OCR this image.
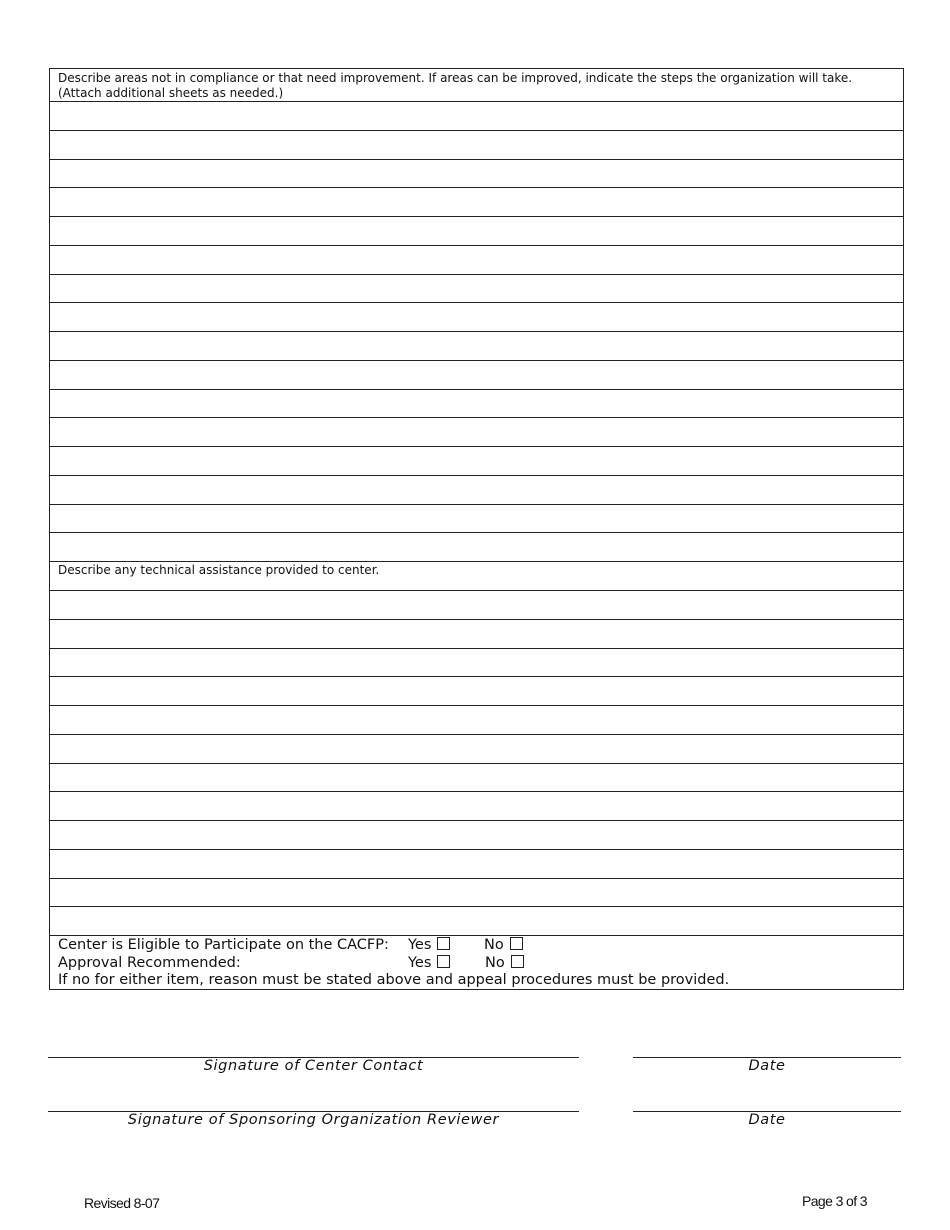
Describe areas not in compliance or that need improvement. If areas can be improved, indicate the steps the organization will take.
(Attach additional sheets as needed.)
Describe any technical assistance provided to center.
Center is Eligible to Participate on the CACFP: Yes	No
Approval Recommended:	Yes	No
If no for either item, reason must be stated above and appeal procedures must be provided.
Signature of Center Contact	Date
Signature of Sponsoring Organization Reviewer	Date
Revised 8-07	Page 3 of 3
